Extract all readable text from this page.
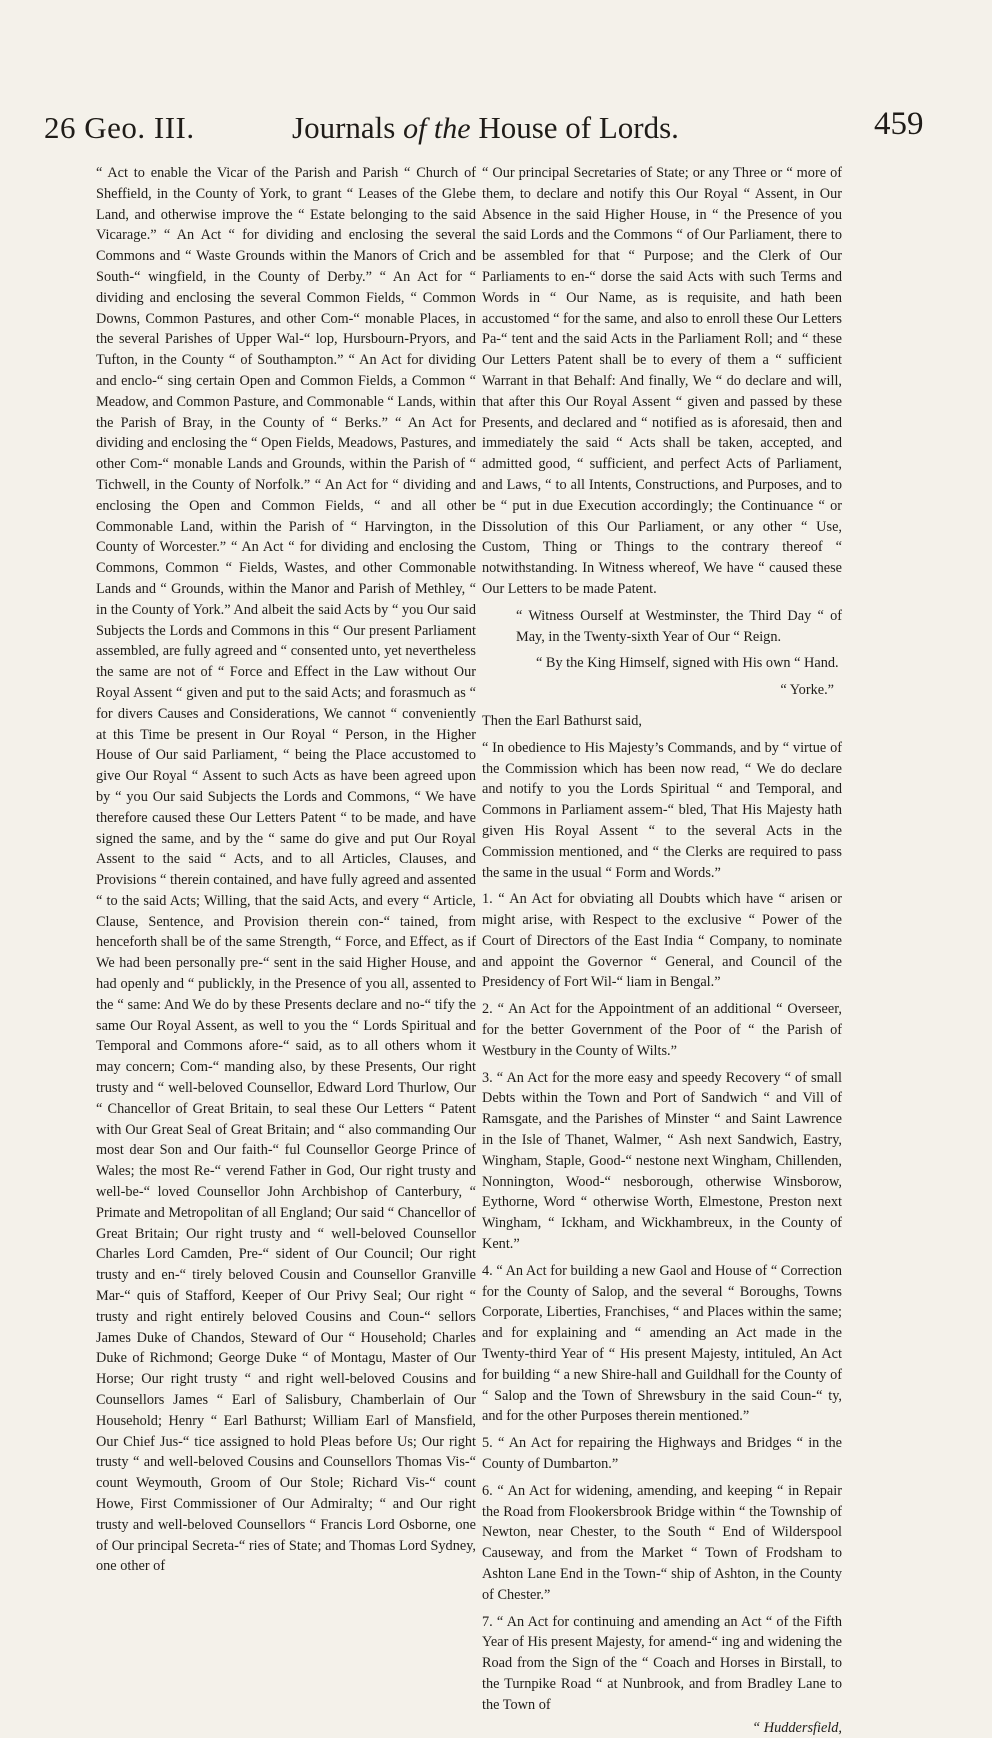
26 Geo. III.	Journals of the House of Lords.	459

“ Act to enable the Vicar of the Parish and Parish “ Church of Sheffield, in the County of York, to grant “ Leases of the Glebe Land, and otherwise improve the “ Estate belonging to the said Vicarage.” “ An Act “ for dividing and enclosing the several Commons and “ Waste Grounds within the Manors of Crich and South-“ wingfield, in the County of Derby.” “ An Act for “ dividing and enclosing the several Common Fields, “ Common Downs, Common Pastures, and other Com-“ monable Places, in the several Parishes of Upper Wal-“ lop, Hursbourn-Pryors, and Tufton, in the County “ of Southampton.” “ An Act for dividing and enclo-“ sing certain Open and Common Fields, a Common “ Meadow, and Common Pasture, and Commonable “ Lands, within the Parish of Bray, in the County of “ Berks.” “ An Act for dividing and enclosing the “ Open Fields, Meadows, Pastures, and other Com-“ monable Lands and Grounds, within the Parish of “ Tichwell, in the County of Norfolk.” “ An Act for “ dividing and enclosing the Open and Common Fields, “ and all other Commonable Land, within the Parish of “ Harvington, in the County of Worcester.” “ An Act “ for dividing and enclosing the Commons, Common “ Fields, Wastes, and other Commonable Lands and “ Grounds, within the Manor and Parish of Methley, “ in the County of York.” And albeit the said Acts by “ you Our said Subjects the Lords and Commons in this “ Our present Parliament assembled, are fully agreed and “ consented unto, yet nevertheless the same are not of “ Force and Effect in the Law without Our Royal Assent “ given and put to the said Acts; and forasmuch as “ for divers Causes and Considerations, We cannot “ conveniently at this Time be present in Our Royal “ Person, in the Higher House of Our said Parliament, “ being the Place accustomed to give Our Royal “ Assent to such Acts as have been agreed upon by “ you Our said Subjects the Lords and Commons, “ We have therefore caused these Our Letters Patent “ to be made, and have signed the same, and by the “ same do give and put Our Royal Assent to the said “ Acts, and to all Articles, Clauses, and Provisions “ therein contained, and have fully agreed and assented “ to the said Acts; Willing, that the said Acts, and every “ Article, Clause, Sentence, and Provision therein con-“ tained, from henceforth shall be of the same Strength, “ Force, and Effect, as if We had been personally pre-“ sent in the said Higher House, and had openly and “ publickly, in the Presence of you all, assented to the “ same: And We do by these Presents declare and no-“ tify the same Our Royal Assent, as well to you the “ Lords Spiritual and Temporal and Commons afore-“ said, as to all others whom it may concern; Com-“ manding also, by these Presents, Our right trusty and “ well-beloved Counsellor, Edward Lord Thurlow, Our “ Chancellor of Great Britain, to seal these Our Letters “ Patent with Our Great Seal of Great Britain; and “ also commanding Our most dear Son and Our faith-“ ful Counsellor George Prince of Wales; the most Re-“ verend Father in God, Our right trusty and well-be-“ loved Counsellor John Archbishop of Canterbury, “ Primate and Metropolitan of all England; Our said “ Chancellor of Great Britain; Our right trusty and “ well-beloved Counsellor Charles Lord Camden, Pre-“ sident of Our Council; Our right trusty and en-“ tirely beloved Cousin and Counsellor Granville Mar-“ quis of Stafford, Keeper of Our Privy Seal; Our right “ trusty and right entirely beloved Cousins and Coun-“ sellors James Duke of Chandos, Steward of Our “ Household; Charles Duke of Richmond; George Duke “ of Montagu, Master of Our Horse; Our right trusty “ and right well-beloved Cousins and Counsellors James “ Earl of Salisbury, Chamberlain of Our Household; Henry “ Earl Bathurst; William Earl of Mansfield, Our Chief Jus-“ tice assigned to hold Pleas before Us; Our right trusty “ and well-beloved Cousins and Counsellors Thomas Vis-“ count Weymouth, Groom of Our Stole; Richard Vis-“ count Howe, First Commissioner of Our Admiralty; “ and Our right trusty and well-beloved Counsellors “ Francis Lord Osborne, one of Our principal Secreta-“ ries of State; and Thomas Lord Sydney, one other of

“ Our principal Secretaries of State; or any Three or “ more of them, to declare and notify this Our Royal “ Assent, in Our Absence in the said Higher House, in “ the Presence of you the said Lords and the Commons “ of Our Parliament, there to be assembled for that “ Purpose; and the Clerk of Our Parliaments to en-“ dorse the said Acts with such Terms and Words in “ Our Name, as is requisite, and hath been accustomed “ for the same, and also to enroll these Our Letters Pa-“ tent and the said Acts in the Parliament Roll; and “ these Our Letters Patent shall be to every of them a “ sufficient Warrant in that Behalf: And finally, We “ do declare and will, that after this Our Royal Assent “ given and passed by these Presents, and declared and “ notified as is aforesaid, then and immediately the said “ Acts shall be taken, accepted, and admitted good, “ sufficient, and perfect Acts of Parliament, and Laws, “ to all Intents, Constructions, and Purposes, and to be “ put in due Execution accordingly; the Continuance “ or Dissolution of this Our Parliament, or any other “ Use, Custom, Thing or Things to the contrary thereof “ notwithstanding. In Witness whereof, We have “ caused these Our Letters to be made Patent.

“ Witness Ourself at Westminster, the Third Day “ of May, in the Twenty-sixth Year of Our “ Reign.

“ By the King Himself, signed with His own “ Hand.

“ Yorke.”

Then the Earl Bathurst said,

“ In obedience to His Majesty’s Commands, and by “ virtue of the Commission which has been now read, “ We do declare and notify to you the Lords Spiritual “ and Temporal, and Commons in Parliament assem-“ bled, That His Majesty hath given His Royal Assent “ to the several Acts in the Commission mentioned, and “ the Clerks are required to pass the same in the usual “ Form and Words.”

1. “ An Act for obviating all Doubts which have “ arisen or might arise, with Respect to the exclusive “ Power of the Court of Directors of the East India “ Company, to nominate and appoint the Governor “ General, and Council of the Presidency of Fort Wil-“ liam in Bengal.”

2. “ An Act for the Appointment of an additional “ Overseer, for the better Government of the Poor of “ the Parish of Westbury in the County of Wilts.”

3. “ An Act for the more easy and speedy Recovery “ of small Debts within the Town and Port of Sandwich “ and Vill of Ramsgate, and the Parishes of Minster “ and Saint Lawrence in the Isle of Thanet, Walmer, “ Ash next Sandwich, Eastry, Wingham, Staple, Good-“ nestone next Wingham, Chillenden, Nonnington, Wood-“ nesborough, otherwise Winsborow, Eythorne, Word “ otherwise Worth, Elmestone, Preston next Wingham, “ Ickham, and Wickhambreux, in the County of Kent.”

4. “ An Act for building a new Gaol and House of “ Correction for the County of Salop, and the several “ Boroughs, Towns Corporate, Liberties, Franchises, “ and Places within the same; and for explaining and “ amending an Act made in the Twenty-third Year of “ His present Majesty, intituled, An Act for building “ a new Shire-hall and Guildhall for the County of “ Salop and the Town of Shrewsbury in the said Coun-“ ty, and for the other Purposes therein mentioned.”

5. “ An Act for repairing the Highways and Bridges “ in the County of Dumbarton.”

6. “ An Act for widening, amending, and keeping “ in Repair the Road from Flookersbrook Bridge within “ the Township of Newton, near Chester, to the South “ End of Wilderspool Causeway, and from the Market “ Town of Frodsham to Ashton Lane End in the Town-“ ship of Ashton, in the County of Chester.”

7. “ An Act for continuing and amending an Act “ of the Fifth Year of His present Majesty, for amend-“ ing and widening the Road from the Sign of the “ Coach and Horses in Birstall, to the Turnpike Road “ at Nunbrook, and from Bradley Lane to the Town of

“ Huddersfield,
